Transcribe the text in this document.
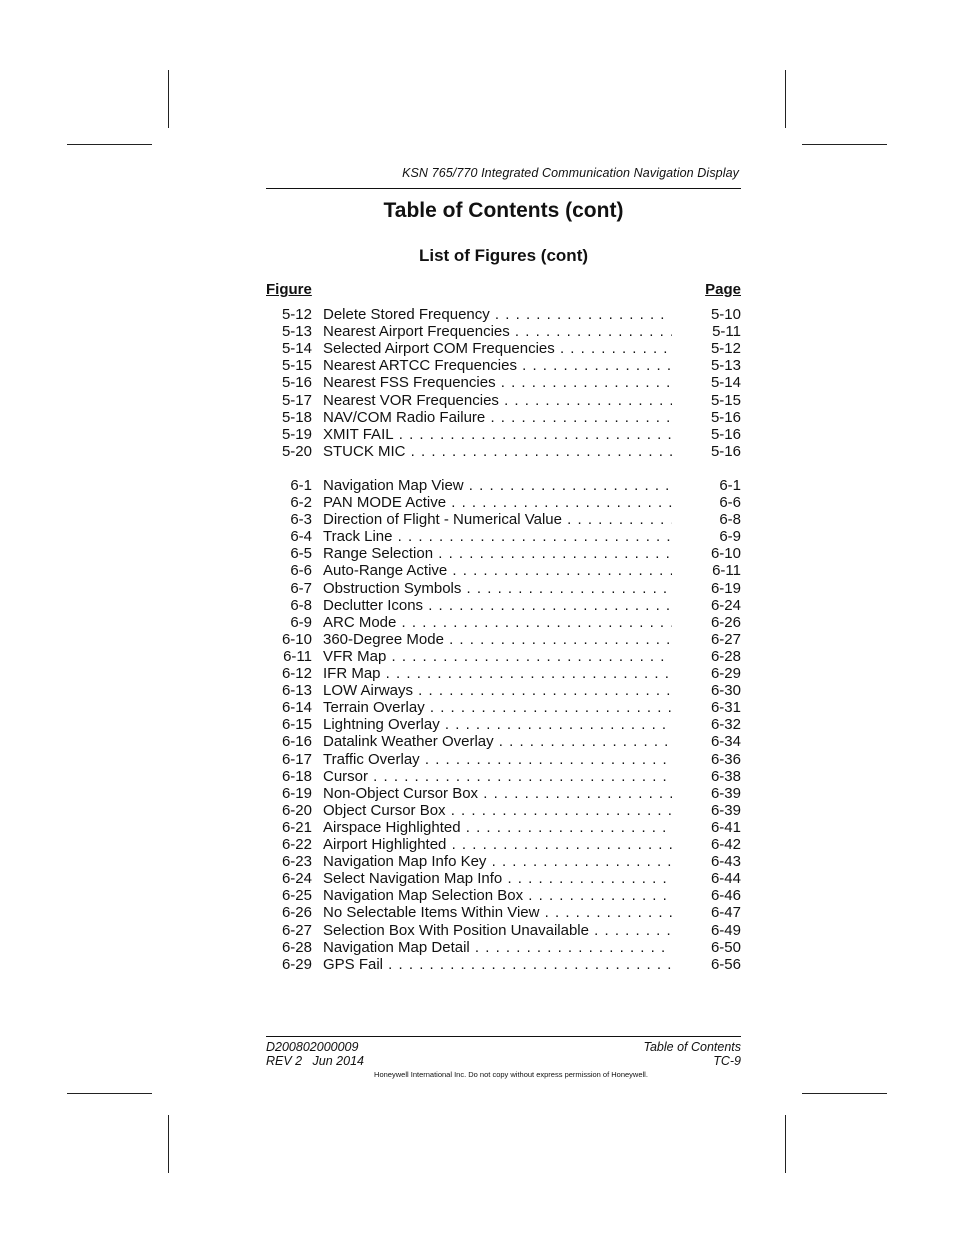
KSN 765/770 Integrated Communication Navigation Display
Table of Contents (cont)
List of Figures (cont)
Figure	Page
5-12 Delete Stored Frequency . . .	5-10
5-13 Nearest Airport Frequencies . . .	5-11
5-14 Selected Airport COM Frequencies . . .	5-12
5-15 Nearest ARTCC Frequencies . . .	5-13
5-16 Nearest FSS Frequencies . . .	5-14
5-17 Nearest VOR Frequencies . . .	5-15
5-18 NAV/COM Radio Failure . . .	5-16
5-19 XMIT FAIL . . .	5-16
5-20 STUCK MIC . . .	5-16
6-1 Navigation Map View . . .	6-1
6-2 PAN MODE Active . . .	6-6
6-3 Direction of Flight - Numerical Value . . .	6-8
6-4 Track Line . . .	6-9
6-5 Range Selection . . .	6-10
6-6 Auto-Range Active . . .	6-11
6-7 Obstruction Symbols . . .	6-19
6-8 Declutter Icons . . .	6-24
6-9 ARC Mode . . .	6-26
6-10 360-Degree Mode . . .	6-27
6-11 VFR Map . . .	6-28
6-12 IFR Map . . .	6-29
6-13 LOW Airways . . .	6-30
6-14 Terrain Overlay . . .	6-31
6-15 Lightning Overlay . . .	6-32
6-16 Datalink Weather Overlay . . .	6-34
6-17 Traffic Overlay . . .	6-36
6-18 Cursor . . .	6-38
6-19 Non-Object Cursor Box . . .	6-39
6-20 Object Cursor Box . . .	6-39
6-21 Airspace Highlighted . . .	6-41
6-22 Airport Highlighted . . .	6-42
6-23 Navigation Map Info Key . . .	6-43
6-24 Select Navigation Map Info . . .	6-44
6-25 Navigation Map Selection Box . . .	6-46
6-26 No Selectable Items Within View . . .	6-47
6-27 Selection Box With Position Unavailable . . .	6-49
6-28 Navigation Map Detail . . .	6-50
6-29 GPS Fail . . .	6-56
D200802000009
REV 2   Jun 2014
Table of Contents
TC-9
Honeywell International Inc. Do not copy without express permission of Honeywell.
